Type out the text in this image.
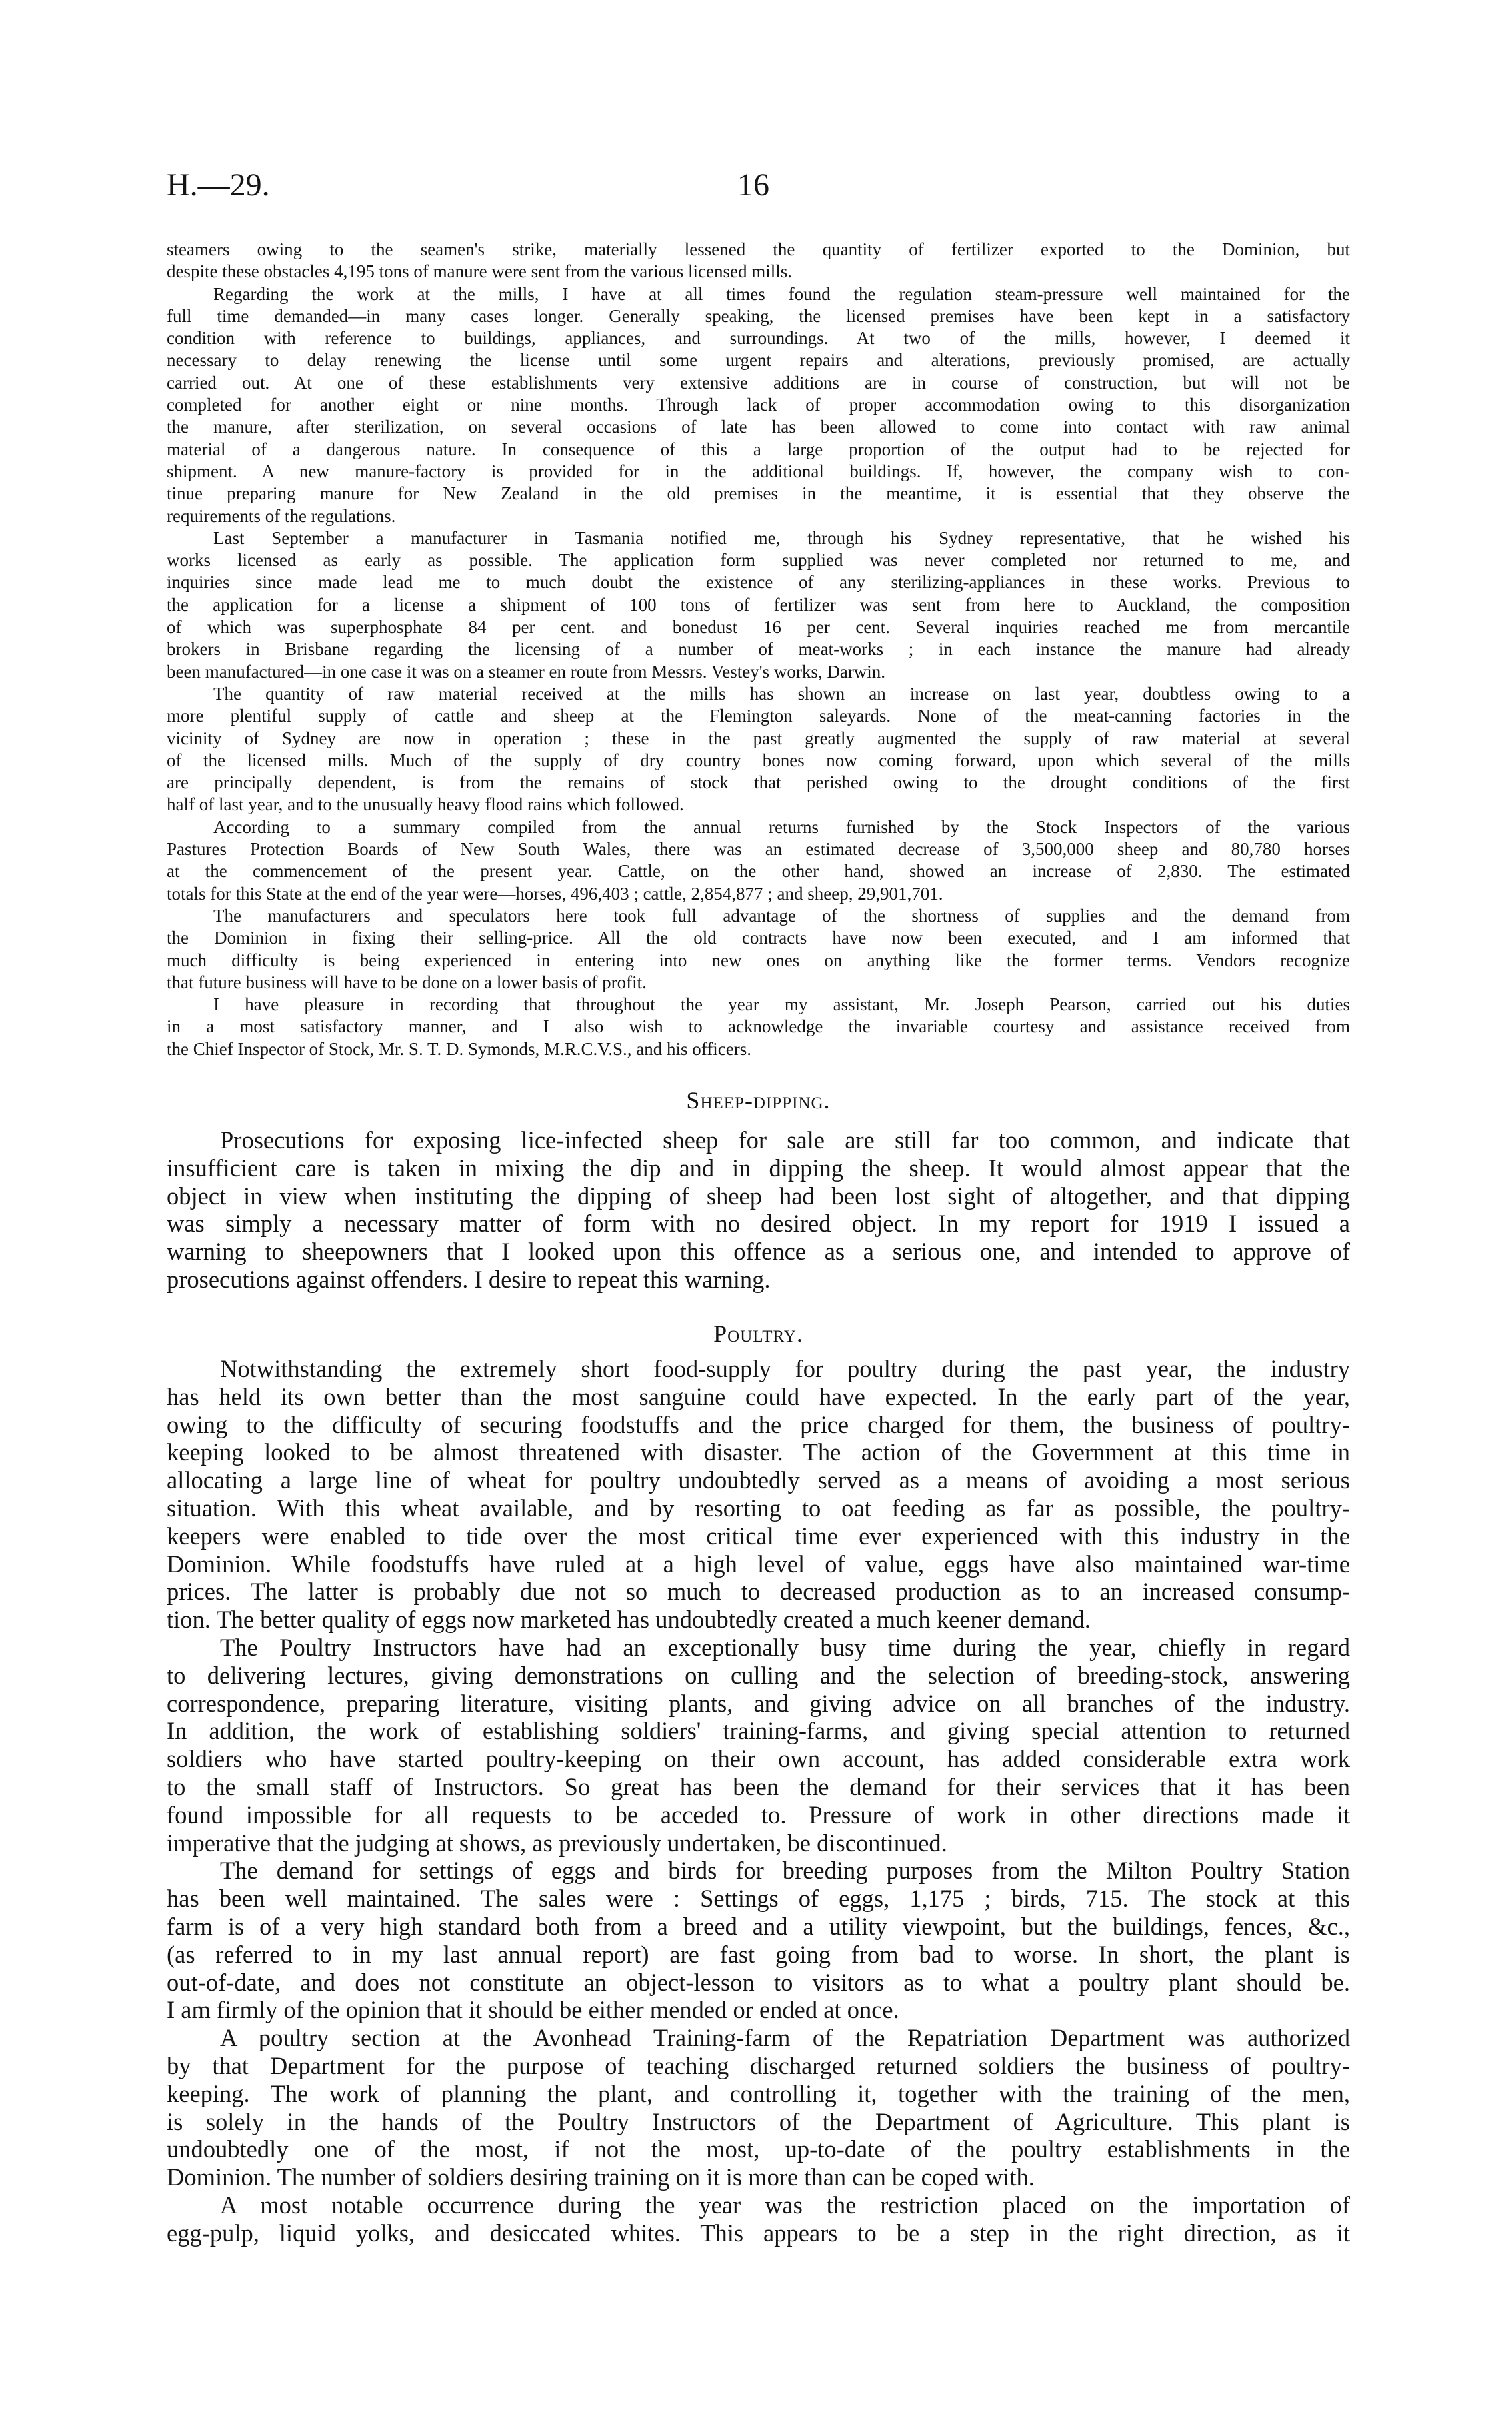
H.—29.	16
steamers owing to the seamen's strike, materially lessened the quantity of fertilizer exported to the Dominion, but
despite these obstacles 4,195 tons of manure were sent from the various licensed mills.
Regarding the work at the mills, I have at all times found the regulation steam-pressure well maintained for the
full time demanded—in many cases longer. Generally speaking, the licensed premises have been kept in a satisfactory
condition with reference to buildings, appliances, and surroundings. At two of the mills, however, I deemed it
necessary to delay renewing the license until some urgent repairs and alterations, previously promised, are actually
carried out. At one of these establishments very extensive additions are in course of construction, but will not be
completed for another eight or nine months. Through lack of proper accommodation owing to this disorganization
the manure, after sterilization, on several occasions of late has been allowed to come into contact with raw animal
material of a dangerous nature. In consequence of this a large proportion of the output had to be rejected for
shipment. A new manure-factory is provided for in the additional buildings. If, however, the company wish to con-
tinue preparing manure for New Zealand in the old premises in the meantime, it is essential that they observe the
requirements of the regulations.
Last September a manufacturer in Tasmania notified me, through his Sydney representative, that he wished his
works licensed as early as possible. The application form supplied was never completed nor returned to me, and
inquiries since made lead me to much doubt the existence of any sterilizing-appliances in these works. Previous to
the application for a license a shipment of 100 tons of fertilizer was sent from here to Auckland, the composition
of which was superphosphate 84 per cent. and bonedust 16 per cent. Several inquiries reached me from mercantile
brokers in Brisbane regarding the licensing of a number of meat-works ; in each instance the manure had already
been manufactured—in one case it was on a steamer en route from Messrs. Vestey's works, Darwin.
The quantity of raw material received at the mills has shown an increase on last year, doubtless owing to a
more plentiful supply of cattle and sheep at the Flemington saleyards. None of the meat-canning factories in the
vicinity of Sydney are now in operation ; these in the past greatly augmented the supply of raw material at several
of the licensed mills. Much of the supply of dry country bones now coming forward, upon which several of the mills
are principally dependent, is from the remains of stock that perished owing to the drought conditions of the first
half of last year, and to the unusually heavy flood rains which followed.
According to a summary compiled from the annual returns furnished by the Stock Inspectors of the various
Pastures Protection Boards of New South Wales, there was an estimated decrease of 3,500,000 sheep and 80,780 horses
at the commencement of the present year. Cattle, on the other hand, showed an increase of 2,830. The estimated
totals for this State at the end of the year were—horses, 496,403 ; cattle, 2,854,877 ; and sheep, 29,901,701.
The manufacturers and speculators here took full advantage of the shortness of supplies and the demand from
the Dominion in fixing their selling-price. All the old contracts have now been executed, and I am informed that
much difficulty is being experienced in entering into new ones on anything like the former terms. Vendors recognize
that future business will have to be done on a lower basis of profit.
I have pleasure in recording that throughout the year my assistant, Mr. Joseph Pearson, carried out his duties
in a most satisfactory manner, and I also wish to acknowledge the invariable courtesy and assistance received from
the Chief Inspector of Stock, Mr. S. T. D. Symonds, M.R.C.V.S., and his officers.
Sheep-dipping.
Prosecutions for exposing lice-infected sheep for sale are still far too common, and indicate that
insufficient care is taken in mixing the dip and in dipping the sheep. It would almost appear that the
object in view when instituting the dipping of sheep had been lost sight of altogether, and that dipping
was simply a necessary matter of form with no desired object. In my report for 1919 I issued a
warning to sheepowners that I looked upon this offence as a serious one, and intended to approve of
prosecutions against offenders. I desire to repeat this warning.
Poultry.
Notwithstanding the extremely short food-supply for poultry during the past year, the industry
has held its own better than the most sanguine could have expected. In the early part of the year,
owing to the difficulty of securing foodstuffs and the price charged for them, the business of poultry-
keeping looked to be almost threatened with disaster. The action of the Government at this time in
allocating a large line of wheat for poultry undoubtedly served as a means of avoiding a most serious
situation. With this wheat available, and by resorting to oat feeding as far as possible, the poultry-
keepers were enabled to tide over the most critical time ever experienced with this industry in the
Dominion. While foodstuffs have ruled at a high level of value, eggs have also maintained war-time
prices. The latter is probably due not so much to decreased production as to an increased consump-
tion. The better quality of eggs now marketed has undoubtedly created a much keener demand.
The Poultry Instructors have had an exceptionally busy time during the year, chiefly in regard
to delivering lectures, giving demonstrations on culling and the selection of breeding-stock, answering
correspondence, preparing literature, visiting plants, and giving advice on all branches of the industry.
In addition, the work of establishing soldiers' training-farms, and giving special attention to returned
soldiers who have started poultry-keeping on their own account, has added considerable extra work
to the small staff of Instructors. So great has been the demand for their services that it has been
found impossible for all requests to be acceded to. Pressure of work in other directions made it
imperative that the judging at shows, as previously undertaken, be discontinued.
The demand for settings of eggs and birds for breeding purposes from the Milton Poultry Station
has been well maintained. The sales were : Settings of eggs, 1,175 ; birds, 715. The stock at this
farm is of a very high standard both from a breed and a utility viewpoint, but the buildings, fences, &c.,
(as referred to in my last annual report) are fast going from bad to worse. In short, the plant is
out-of-date, and does not constitute an object-lesson to visitors as to what a poultry plant should be.
I am firmly of the opinion that it should be either mended or ended at once.
A poultry section at the Avonhead Training-farm of the Repatriation Department was authorized
by that Department for the purpose of teaching discharged returned soldiers the business of poultry-
keeping. The work of planning the plant, and controlling it, together with the training of the men,
is solely in the hands of the Poultry Instructors of the Department of Agriculture. This plant is
undoubtedly one of the most, if not the most, up-to-date of the poultry establishments in the
Dominion. The number of soldiers desiring training on it is more than can be coped with.
A most notable occurrence during the year was the restriction placed on the importation of
egg-pulp, liquid yolks, and desiccated whites. This appears to be a step in the right direction, as it
